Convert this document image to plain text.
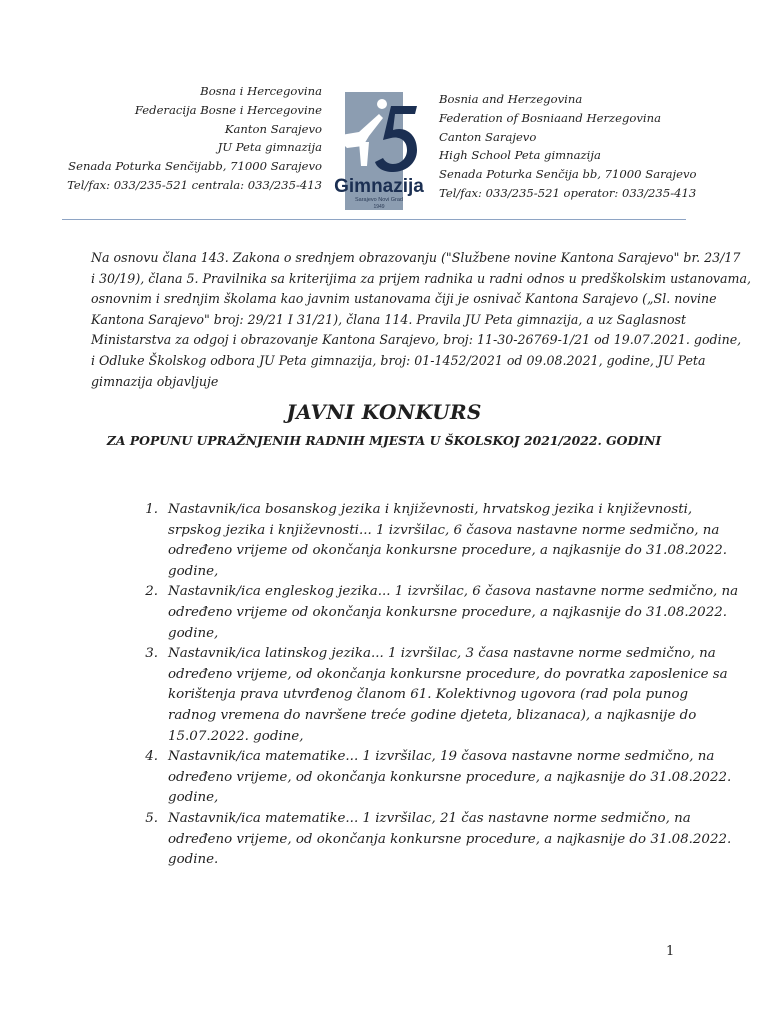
Bosna i Hercegovina
Federacija Bosne i Hercegovine
Kanton Sarajevo
JU Peta gimnazija
Senada Poturka Senčijabb, 71000 Sarajevo
Tel/fax: 033/235-521 centrala: 033/235-413 Gimnazija
Sarajevo Novi Grad
1949
Bosnia and Herzegovina
Federation of Bosniaand Herzegovina
Canton Sarajevo
High School Peta gimnazija
Senada Poturka Senčija bb, 71000 Sarajevo
Tel/fax: 033/235-521 operator: 033/235-413
Na osnovu člana 143. Zakona o srednjem obrazovanju ("Službene novine Kantona Sarajevo" br. 23/17
i 30/19), člana 5. Pravilnika sa kriterijima za prijem radnika u radni odnos u predškolskim ustanovama,
osnovnim i srednjim školama kao javnim ustanovama čiji je osnivač Kantona Sarajevo („Sl. novine
Kantona Sarajevo" broj: 29/21 I 31/21), člana 114. Pravila JU Peta gimnazija, a uz Saglasnost
Ministarstva za odgoj i obrazovanje Kantona Sarajevo, broj: 11-30-26769-1/21 od 19.07.2021. godine,
i Odluke Školskog odbora JU Peta gimnazija, broj: 01-1452/2021 od 09.08.2021, godine, JU Peta
gimnazija objavljuje
JAVNI KONKURS
ZA POPUNU UPRAŽNJENIH RADNIH MJESTA U ŠKOLSKOJ 2021/2022. GODINI
1. Nastavnik/ica bosanskog jezika i književnosti, hrvatskog jezika i književnosti,
srpskog jezika i književnosti... 1 izvršilac, 6 časova nastavne norme sedmično, na
određeno vrijeme od okončanja konkursne procedure, a najkasnije do 31.08.2022.
godine,
2. Nastavnik/ica engleskog jezika... 1 izvršilac, 6 časova nastavne norme sedmično, na
određeno vrijeme od okončanja konkursne procedure, a najkasnije do 31.08.2022.
godine,
3. Nastavnik/ica latinskog jezika... 1 izvršilac, 3 časa nastavne norme sedmično, na
određeno vrijeme, od okončanja konkursne procedure, do povratka zaposlenice sa
korištenja prava utvrđenog članom 61. Kolektivnog ugovora (rad pola punog
radnog vremena do navršene treće godine djeteta, blizanaca), a najkasnije do
15.07.2022. godine,
4. Nastavnik/ica matematike... 1 izvršilac, 19 časova nastavne norme sedmično, na
određeno vrijeme, od okončanja konkursne procedure, a najkasnije do 31.08.2022.
godine,
5. Nastavnik/ica matematike... 1 izvršilac, 21 čas nastavne norme sedmično, na
određeno vrijeme, od okončanja konkursne procedure, a najkasnije do 31.08.2022.
godine.
1
